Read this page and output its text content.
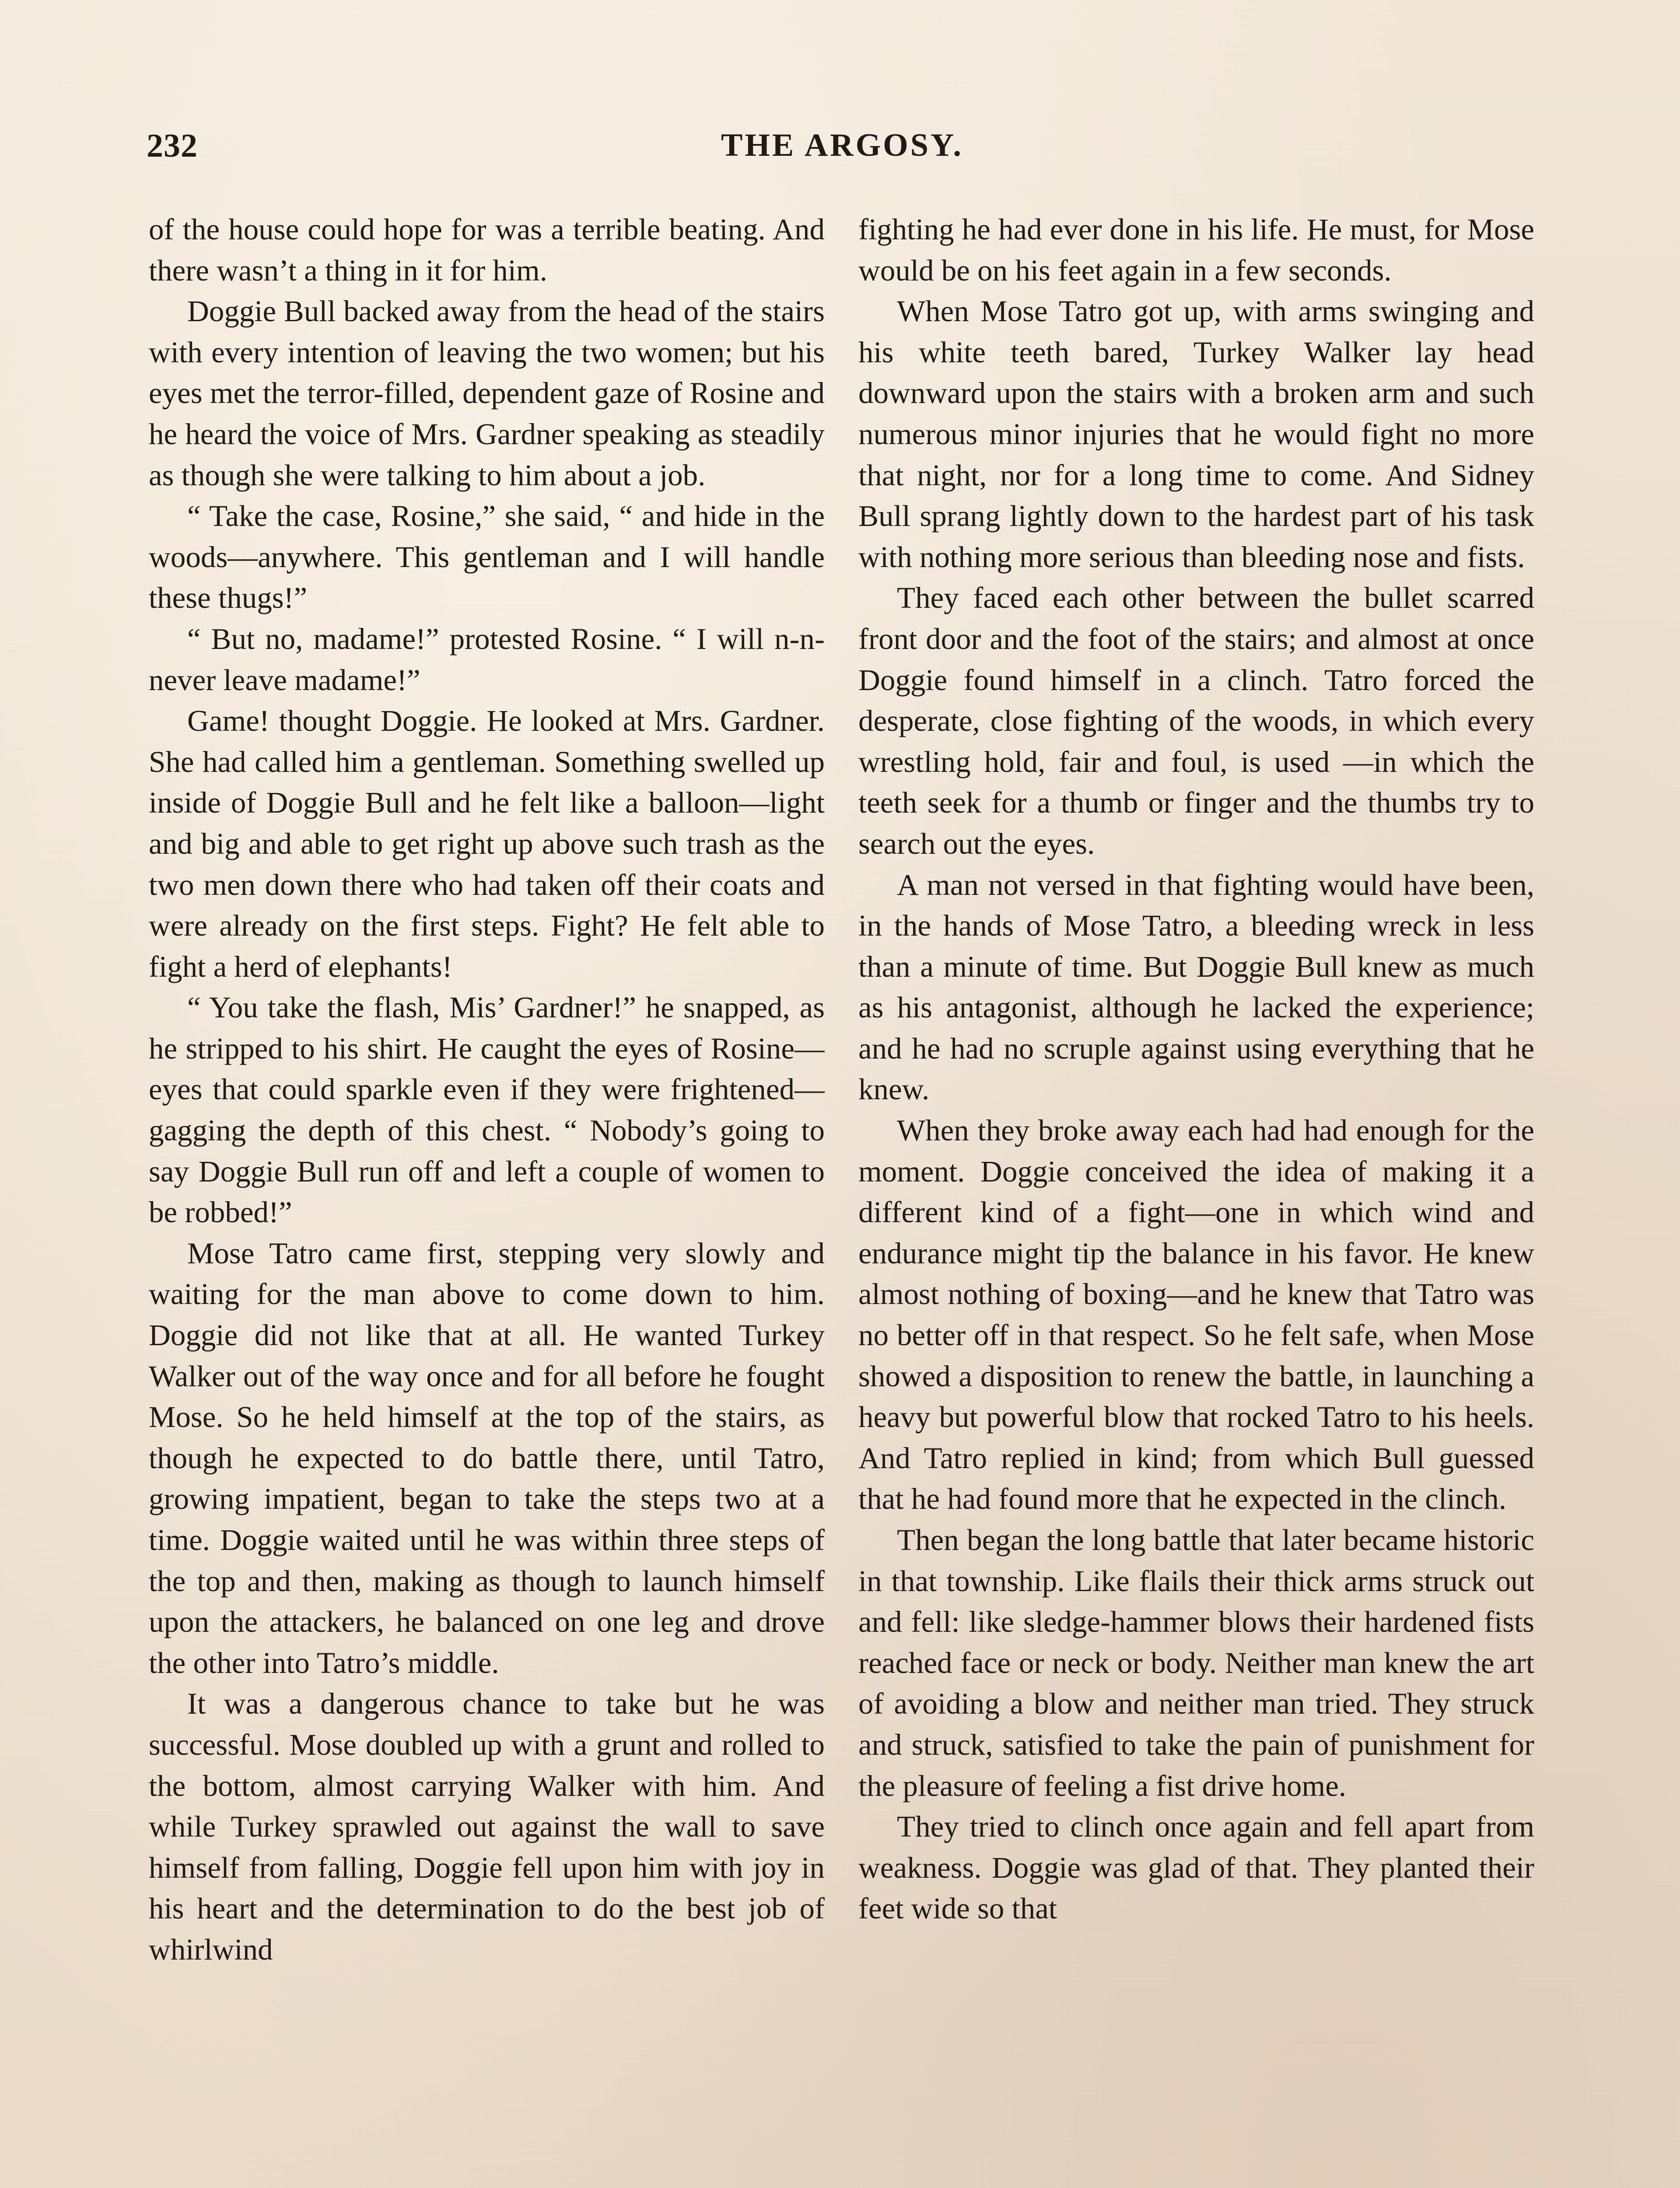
232	THE ARGOSY.

of the house could hope for was a terrible beating. And there wasn’t a thing in it for him.

Doggie Bull backed away from the head of the stairs with every intention of leaving the two women; but his eyes met the terror-filled, dependent gaze of Rosine and he heard the voice of Mrs. Gardner speaking as steadily as though she were talking to him about a job.

“ Take the case, Rosine,” she said, “ and hide in the woods—anywhere. This gentleman and I will handle these thugs!”

“ But no, madame!” protested Rosine. “ I will n-n-never leave madame!”

Game! thought Doggie. He looked at Mrs. Gardner. She had called him a gentleman. Something swelled up inside of Doggie Bull and he felt like a balloon—light and big and able to get right up above such trash as the two men down there who had taken off their coats and were already on the first steps. Fight? He felt able to fight a herd of elephants!

“ You take the flash, Mis’ Gardner!” he snapped, as he stripped to his shirt. He caught the eyes of Rosine—eyes that could sparkle even if they were frightened—gagging the depth of this chest. “ Nobody’s going to say Doggie Bull run off and left a couple of women to be robbed!”

Mose Tatro came first, stepping very slowly and waiting for the man above to come down to him. Doggie did not like that at all. He wanted Turkey Walker out of the way once and for all before he fought Mose. So he held himself at the top of the stairs, as though he expected to do battle there, until Tatro, growing impatient, began to take the steps two at a time. Doggie waited until he was within three steps of the top and then, making as though to launch himself upon the attackers, he balanced on one leg and drove the other into Tatro’s middle.

It was a dangerous chance to take but he was successful. Mose doubled up with a grunt and rolled to the bottom, almost carrying Walker with him. And while Turkey sprawled out against the wall to save himself from falling, Doggie fell upon him with joy in his heart and the determination to do the best job of whirlwind

fighting he had ever done in his life. He must, for Mose would be on his feet again in a few seconds.

When Mose Tatro got up, with arms swinging and his white teeth bared, Turkey Walker lay head downward upon the stairs with a broken arm and such numerous minor injuries that he would fight no more that night, nor for a long time to come. And Sidney Bull sprang lightly down to the hardest part of his task with nothing more serious than bleeding nose and fists.

They faced each other between the bullet scarred front door and the foot of the stairs; and almost at once Doggie found himself in a clinch. Tatro forced the desperate, close fighting of the woods, in which every wrestling hold, fair and foul, is used —in which the teeth seek for a thumb or finger and the thumbs try to search out the eyes.

A man not versed in that fighting would have been, in the hands of Mose Tatro, a bleeding wreck in less than a minute of time. But Doggie Bull knew as much as his antagonist, although he lacked the experience; and he had no scruple against using everything that he knew.

When they broke away each had had enough for the moment. Doggie conceived the idea of making it a different kind of a fight—one in which wind and endurance might tip the balance in his favor. He knew almost nothing of boxing—and he knew that Tatro was no better off in that respect. So he felt safe, when Mose showed a disposition to renew the battle, in launching a heavy but powerful blow that rocked Tatro to his heels. And Tatro replied in kind; from which Bull guessed that he had found more that he expected in the clinch.

Then began the long battle that later became historic in that township. Like flails their thick arms struck out and fell: like sledge-hammer blows their hardened fists reached face or neck or body. Neither man knew the art of avoiding a blow and neither man tried. They struck and struck, satisfied to take the pain of punishment for the pleasure of feeling a fist drive home.

They tried to clinch once again and fell apart from weakness. Doggie was glad of that. They planted their feet wide so that
